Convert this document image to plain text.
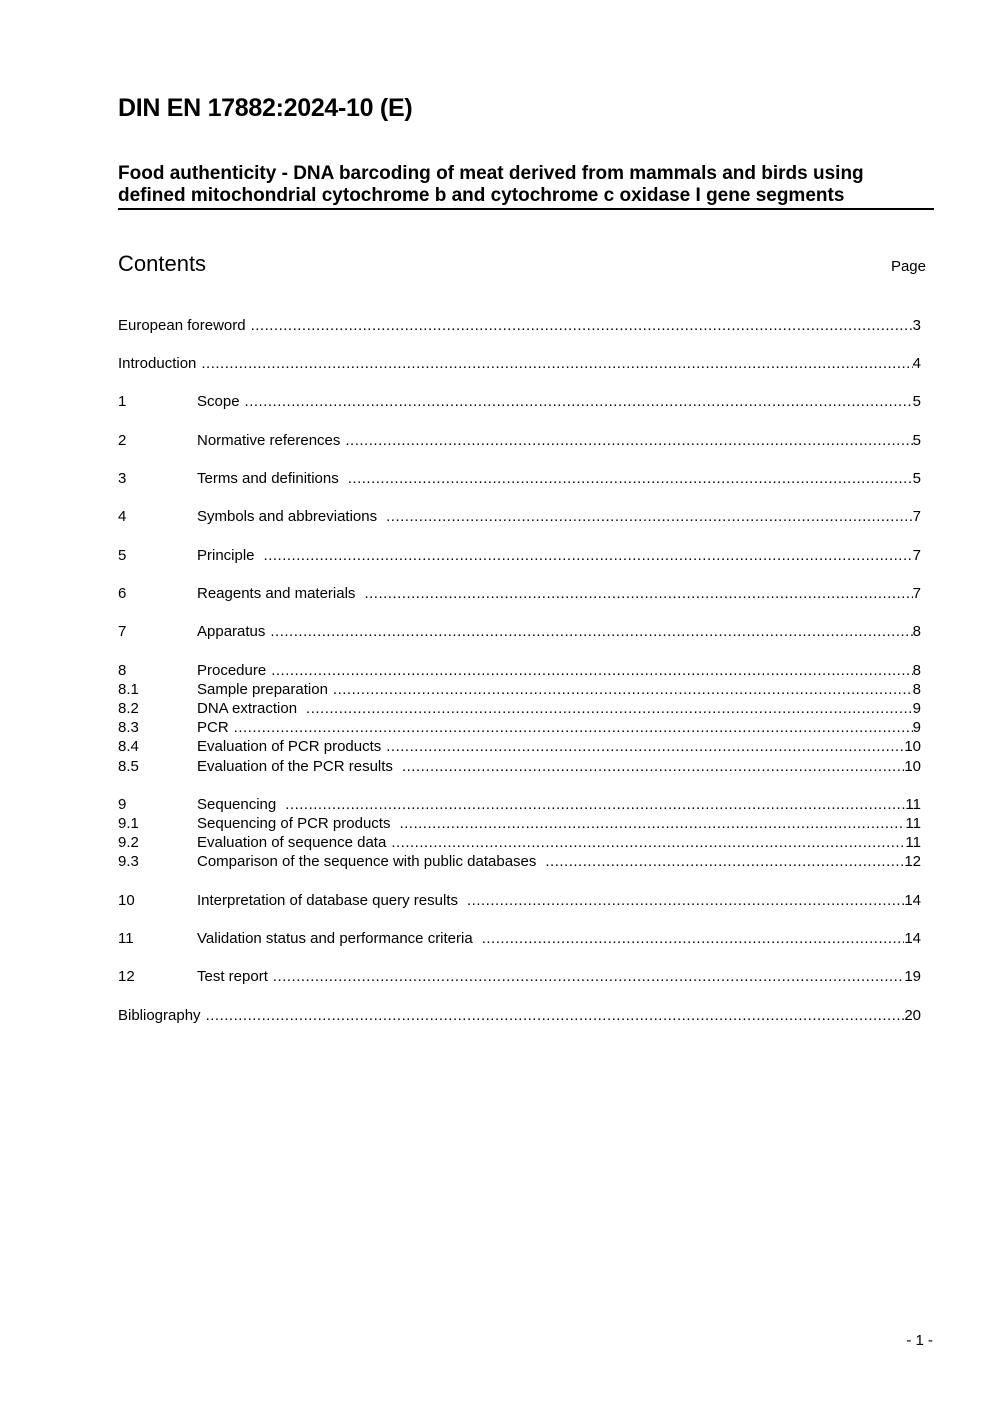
DIN EN 17882:2024-10 (E)
Food authenticity - DNA barcoding of meat derived from mammals and birds using
defined mitochondrial cytochrome b and cytochrome c oxidase I gene segments
Contents	Page
European foreword .....	3
Introduction .....	4
1	Scope .....	5
2	Normative references .....	5
3	Terms and definitions .....	5
4	Symbols and abbreviations .....	7
5	Principle .....	7
6	Reagents and materials .....	7
7	Apparatus .....	8
8	Procedure .....	8
8.1	Sample preparation .....	8
8.2	DNA extraction .....	9
8.3	PCR .....	9
8.4	Evaluation of PCR products .....	10
8.5	Evaluation of the PCR results .....	10
9	Sequencing .....	11
9.1	Sequencing of PCR products .....	11
9.2	Evaluation of sequence data .....	11
9.3	Comparison of the sequence with public databases .....	12
10	Interpretation of database query results .....	14
11	Validation status and performance criteria .....	14
12	Test report .....	19
Bibliography .....	20
- 1 -
